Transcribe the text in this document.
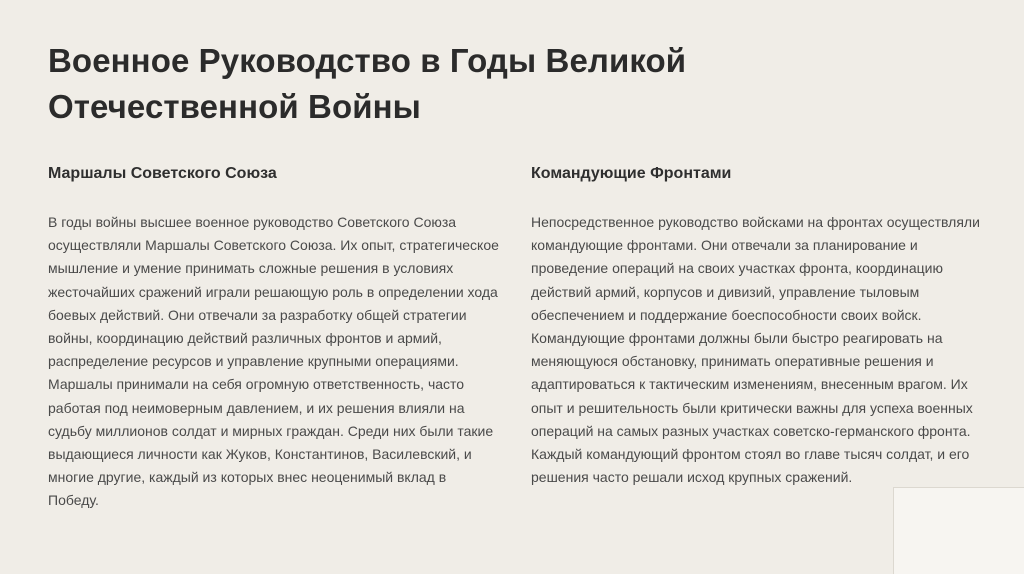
Военное Руководство в Годы Великой
Отечественной Войны
Маршалы Советского Союза

В годы войны высшее военное руководство Советского Союза осуществляли Маршалы Советского Союза. Их опыт, стратегическое мышление и умение принимать сложные решения в условиях жесточайших сражений играли решающую роль в определении хода боевых действий. Они отвечали за разработку общей стратегии войны, координацию действий различных фронтов и армий, распределение ресурсов и управление крупными операциями. Маршалы принимали на себя огромную ответственность, часто работая под неимоверным давлением, и их решения влияли на судьбу миллионов солдат и мирных граждан. Среди них были такие выдающиеся личности как Жуков, Константинов, Василевский, и многие другие, каждый из которых внес неоценимый вклад в Победу.

Командующие Фронтами

Непосредственное руководство войсками на фронтах осуществляли командующие фронтами. Они отвечали за планирование и проведение операций на своих участках фронта, координацию действий армий, корпусов и дивизий, управление тыловым обеспечением и поддержание боеспособности своих войск. Командующие фронтами должны были быстро реагировать на меняющуюся обстановку, принимать оперативные решения и адаптироваться к тактическим изменениям, внесенным врагом. Их опыт и решительность были критически важны для успеха военных операций на самых разных участках советско-германского фронта. Каждый командующий фронтом стоял во главе тысяч солдат, и его решения часто решали исход крупных сражений.
